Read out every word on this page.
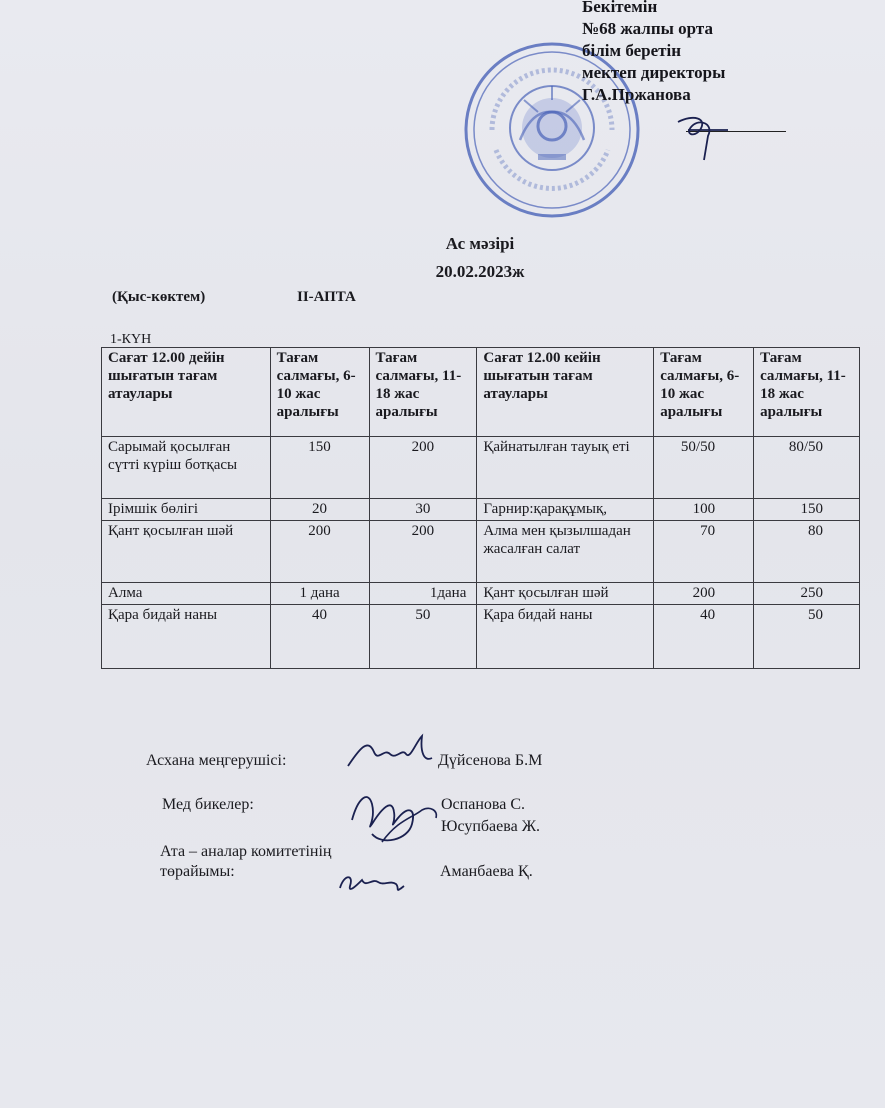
Бекітемін
№68 жалпы орта
білім беретін
мектеп директоры
Г.А.Пржанова
Ас мәзірі
20.02.2023ж
(Қыс-көктем)	ІІ-АПТА
1-КҮН
Сағат 12.00 дейін шығатын тағам атаулары	Тағам салмағы, 6-10 жас аралығы	Тағам салмағы, 11-18 жас аралығы	Сағат 12.00 кейін шығатын тағам атаулары	Тағам салмағы, 6-10 жас аралығы	Тағам салмағы, 11-18 жас аралығы
Сарымай қосылған сүтті күріш ботқасы	150	200	Қайнатылған тауық еті	50/50	80/50
Ірімшік бөлігі	20	30	Гарнир:қарақұмық,	100	150
Қант қосылған шәй	200	200	Алма мен қызылшадан жасалған салат	70	80
Алма	1 дана	1дана	Қант қосылған шәй	200	250
Қара бидай наны	40	50	Қара бидай наны	40	50
Асхана меңгерушісі:	Дүйсенова Б.М
Мед бикелер:	Оспанова С.
Юсупбаева Ж.
Ата – аналар комитетінің
төрайымы:	Аманбаева Қ.
